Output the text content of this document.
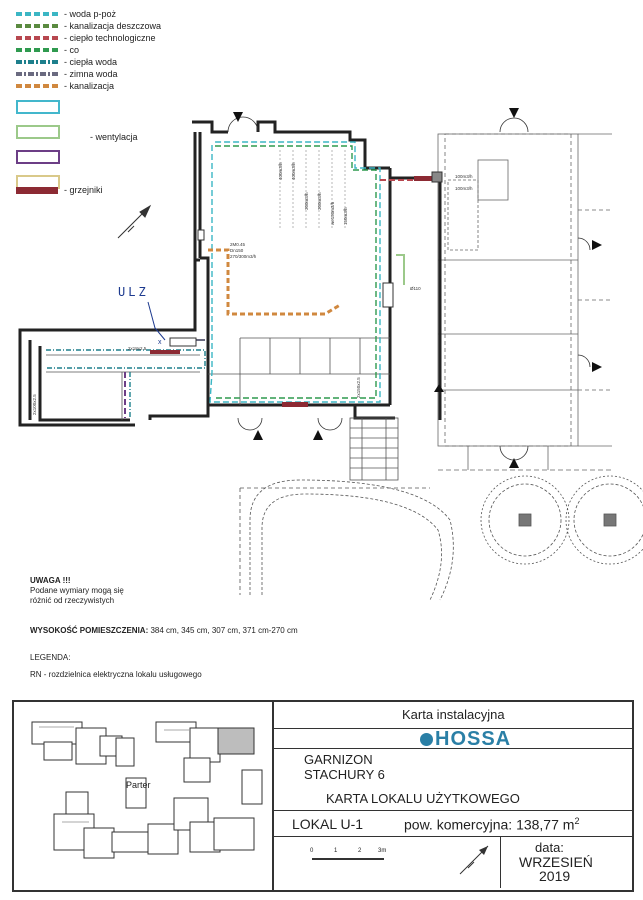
- woda p-poż
- kanalizacja deszczowa
- ciepło technologiczne
- co
- ciepła woda
- zimna woda
- kanalizacja
- wentylacja
- grzejniki
100m3/h
100m3/h
2M0.45
Dn150
270/300m3/h
Ø110
2x18x2.5
2x150x2.5
2x100x2.5
400m3/h 400m3/h
300m3/h 300m3/h
we150m3/h 150m3/h
ULZ
x
UWAGA !!!
Podane wymiary mogą się
różnić od rzeczywistych
WYSOKOŚĆ POMIESZCZENIA: 384 cm, 345 cm, 307 cm, 371 cm-270 cm
LEGENDA:
RN - rozdzielnica elektryczna lokalu usługowego
Parter
Karta instalacyjna
HOSSA
GARNIZON
STACHURY 6
KARTA LOKALU UŻYTKOWEGO
LOKAL U-1	pow. komercyjna: 138,77 $m^2$
0	1	2	3m	data:
WRZESIEŃ
2019
